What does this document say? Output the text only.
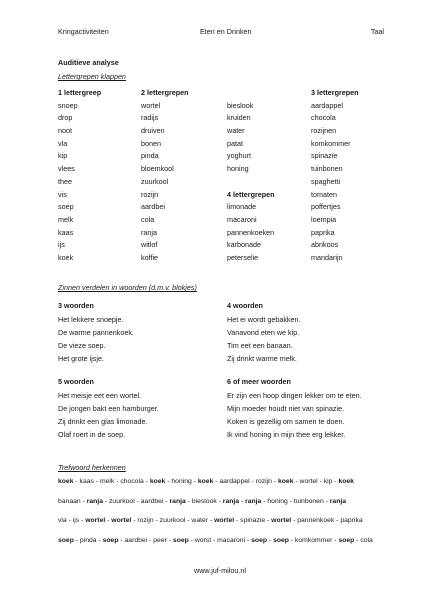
Kringactiviteiten	Eten en Drinken	Taal
Auditieve analyse
Lettergrepen klappen
1 lettergreep
snoep
drop
noot
vla
kip
vlees
thee
vis
soep
melk
kaas
ijs
koek
2 lettergrepen
wortel
radijs
druiven
bonen
pinda
bloemkool
zuurkool
rozijn
aardbei
cola
ranja
witlof
koffie
bieslook
kruiden
water
patat
yoghurt
honing
4 lettergrepen
limonade
macaroni
pannenkoeken
karbonade
peterselie
3 lettergrepen
aardappel
chocola
rozijnen
komkommer
spinazie
tuinbonen
spaghetti
tomaten
poffertjes
loempia
paprika
abrikoos
mandarijn
Zinnen verdelen in woorden (d.m.v. blokjes)
3 woorden
Het lekkere snoepje.
De warme pannenkoek.
De vieze soep.
Het grote ijsje.
4 woorden
Het ei wordt gebakken.
Vanavond eten we kip.
Tim eet een banaan.
Zij drinkt warme melk.
5 woorden
Het meisje eet een wortel.
De jongen bakt een hamburger.
Zij drinkt een glas limonade.
Olaf roert in de soep.
6 of meer woorden
Er zijn een hoop dingen lekker om te eten.
Mijn moeder houdt niet van spinazie.
Koken is gezellig om samen te doen.
Ik vind honing in mijn thee erg lekker.
Trefwoord herkennen
koek - kaas - melk - chocola - koek - honing - koek - aardappel - rozijn - koek - wortel - kip - koek
banaan - ranja - zuurkool - aardbei - ranja - bieslook - ranja - ranja - honing - tuinbonen - ranja
vla - ijs - wortel - wortel - rozijn - zuurkool - water - wortel - spinazie - wortel - pannenkoek - paprika
soep - pinda - soep - aardbei - peer - soep - worst - macaroni - soep - soep - komkommer - soep - cola
www.juf-milou.nl
